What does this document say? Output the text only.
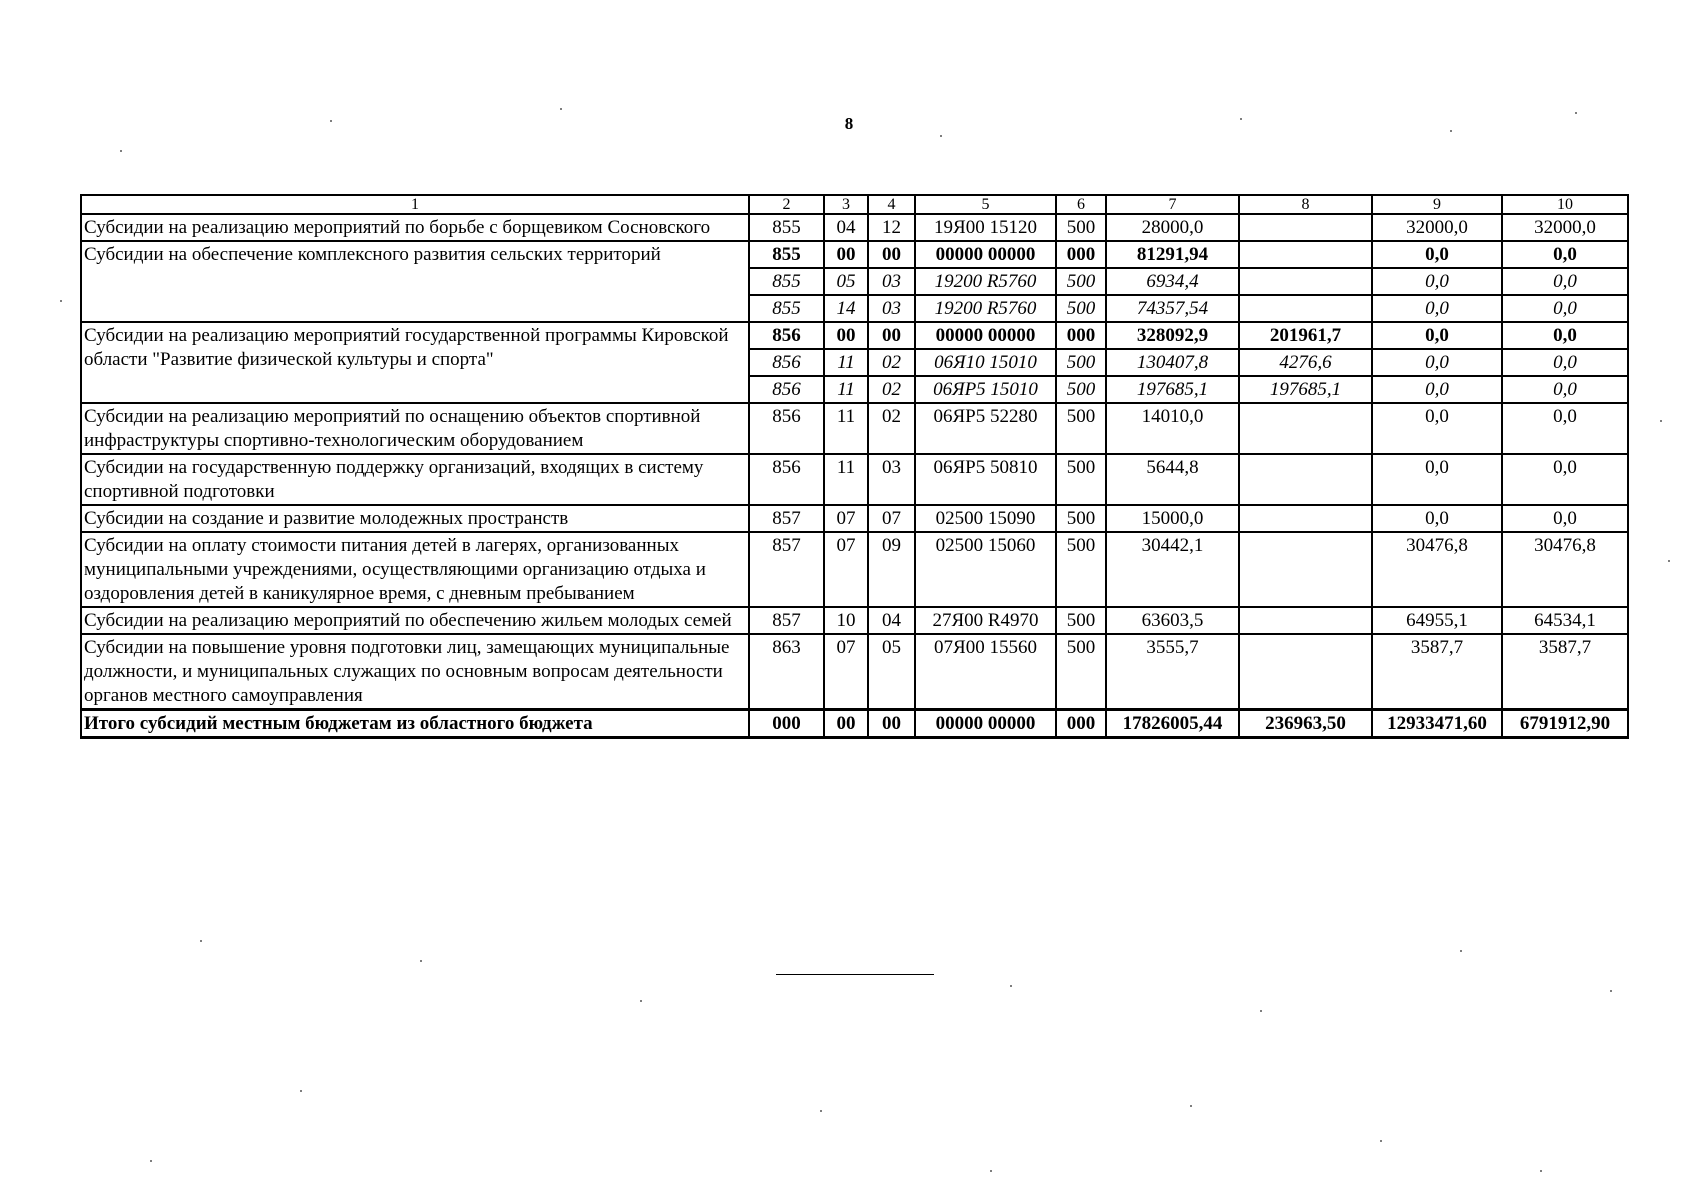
8
1	2	3	4	5	6	7	8	9	10
Субсидии на реализацию мероприятий по борьбе с борщевиком Сосновского	855	04	12	19Я00 15120	500	28000,0		32000,0	32000,0
Субсидии на обеспечение комплексного развития сельских территорий	855	00	00	00000 00000	000	81291,94		0,0	0,0
	855	05	03	19200 R5760	500	6934,4		0,0	0,0
	855	14	03	19200 R5760	500	74357,54		0,0	0,0
Субсидии на реализацию мероприятий государственной программы Кировской области "Развитие физической культуры и спорта"	856	00	00	00000 00000	000	328092,9	201961,7	0,0	0,0
	856	11	02	06Я10 15010	500	130407,8	4276,6	0,0	0,0
	856	11	02	06ЯР5 15010	500	197685,1	197685,1	0,0	0,0
Субсидии на реализацию мероприятий по оснащению объектов спортивной инфраструктуры спортивно-технологическим оборудованием	856	11	02	06ЯР5 52280	500	14010,0		0,0	0,0
Субсидии на государственную поддержку организаций, входящих в систему спортивной подготовки	856	11	03	06ЯР5 50810	500	5644,8		0,0	0,0
Субсидии на создание и развитие молодежных пространств	857	07	07	02500 15090	500	15000,0		0,0	0,0
Субсидии на оплату стоимости питания детей в лагерях, организованных муниципальными учреждениями, осуществляющими организацию отдыха и оздоровления детей в каникулярное время, с дневным пребыванием	857	07	09	02500 15060	500	30442,1		30476,8	30476,8
Субсидии на реализацию мероприятий по обеспечению жильем молодых семей	857	10	04	27Я00 R4970	500	63603,5		64955,1	64534,1
Субсидии на повышение уровня подготовки лиц, замещающих муниципальные должности, и муниципальных служащих по основным вопросам деятельности органов местного самоуправления	863	07	05	07Я00 15560	500	3555,7		3587,7	3587,7
Итого субсидий местным бюджетам из областного бюджета	000	00	00	00000 00000	000	17826005,44	236963,50	12933471,60	6791912,90
